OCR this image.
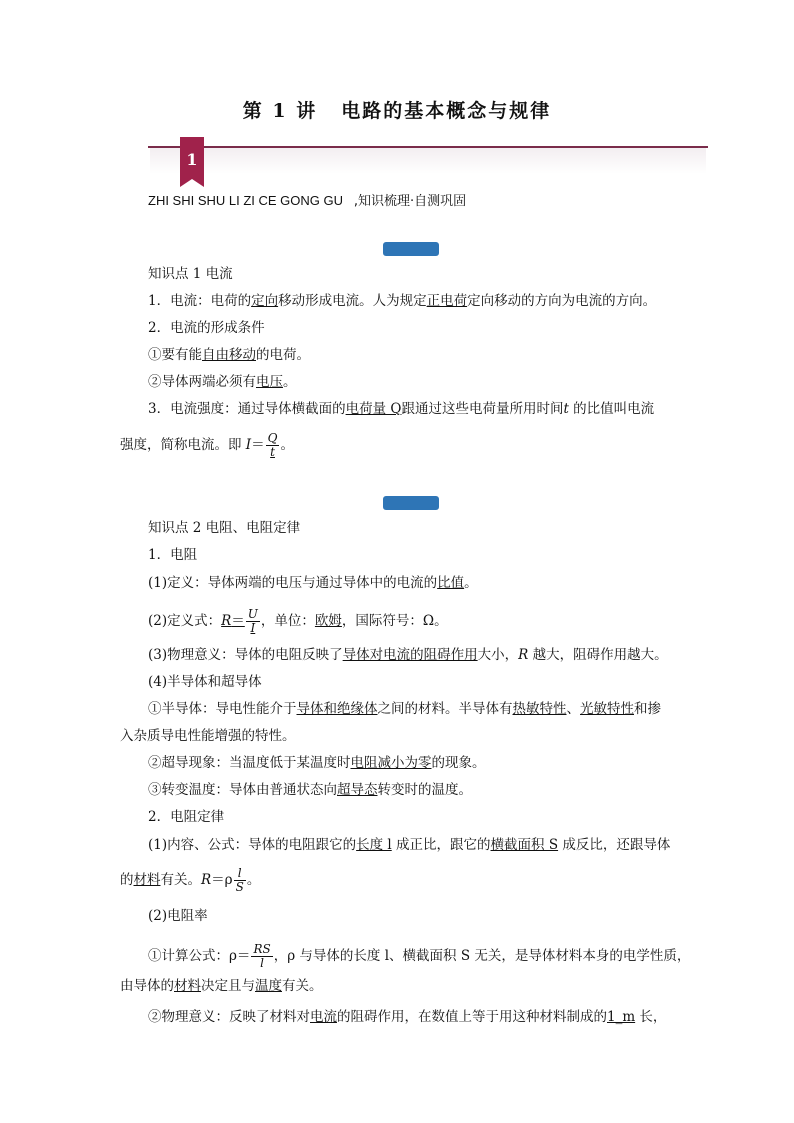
第 1 讲 电路的基本概念与规律
1
ZHI SHI SHU LI ZI CE GONG GU ,知识梳理·自测巩固
知识点 1 电流
1．电流：电荷的定向移动形成电流。人为规定正电荷定向移动的方向为电流的方向。
2．电流的形成条件
①要有能自由移动的电荷。
②导体两端必须有电压。
3．电流强度：通过导体横截面的电荷量 Q跟通过这些电荷量所用时间t 的比值叫电流
强度，简称电流。即 $I= \frac{Q}{t}$ 。
知识点 2 电阻、电阻定律
1．电阻
(1)定义：导体两端的电压与通过导体中的电流的比值。
(2)定义式：$R= \frac{U}{I}$ ，单位：欧姆，国际符号：Ω。
(3)物理意义：导体的电阻反映了导体对电流的阻碍作用大小，R 越大，阻碍作用越大。
(4)半导体和超导体
①半导体：导电性能介于导体和绝缘体之间的材料。半导体有热敏特性、光敏特性和掺
入杂质导电性能增强的特性。
②超导现象：当温度低于某温度时电阻减小为零的现象。
③转变温度：导体由普通状态向超导态转变时的温度。
2．电阻定律
(1)内容、公式：导体的电阻跟它的长度 l 成正比，跟它的横截面积 S 成反比，还跟导体
的材料有关。$R=\rho \frac{l}{S}$ 。
(2)电阻率
①计算公式：$\rho= \frac{RS}{l}$ ，ρ 与导体的长度 l、横截面积 S 无关，是导体材料本身的电学性质，
由导体的材料决定且与温度有关。
②物理意义：反映了材料对电流的阻碍作用，在数值上等于用这种材料制成的1_m 长，
